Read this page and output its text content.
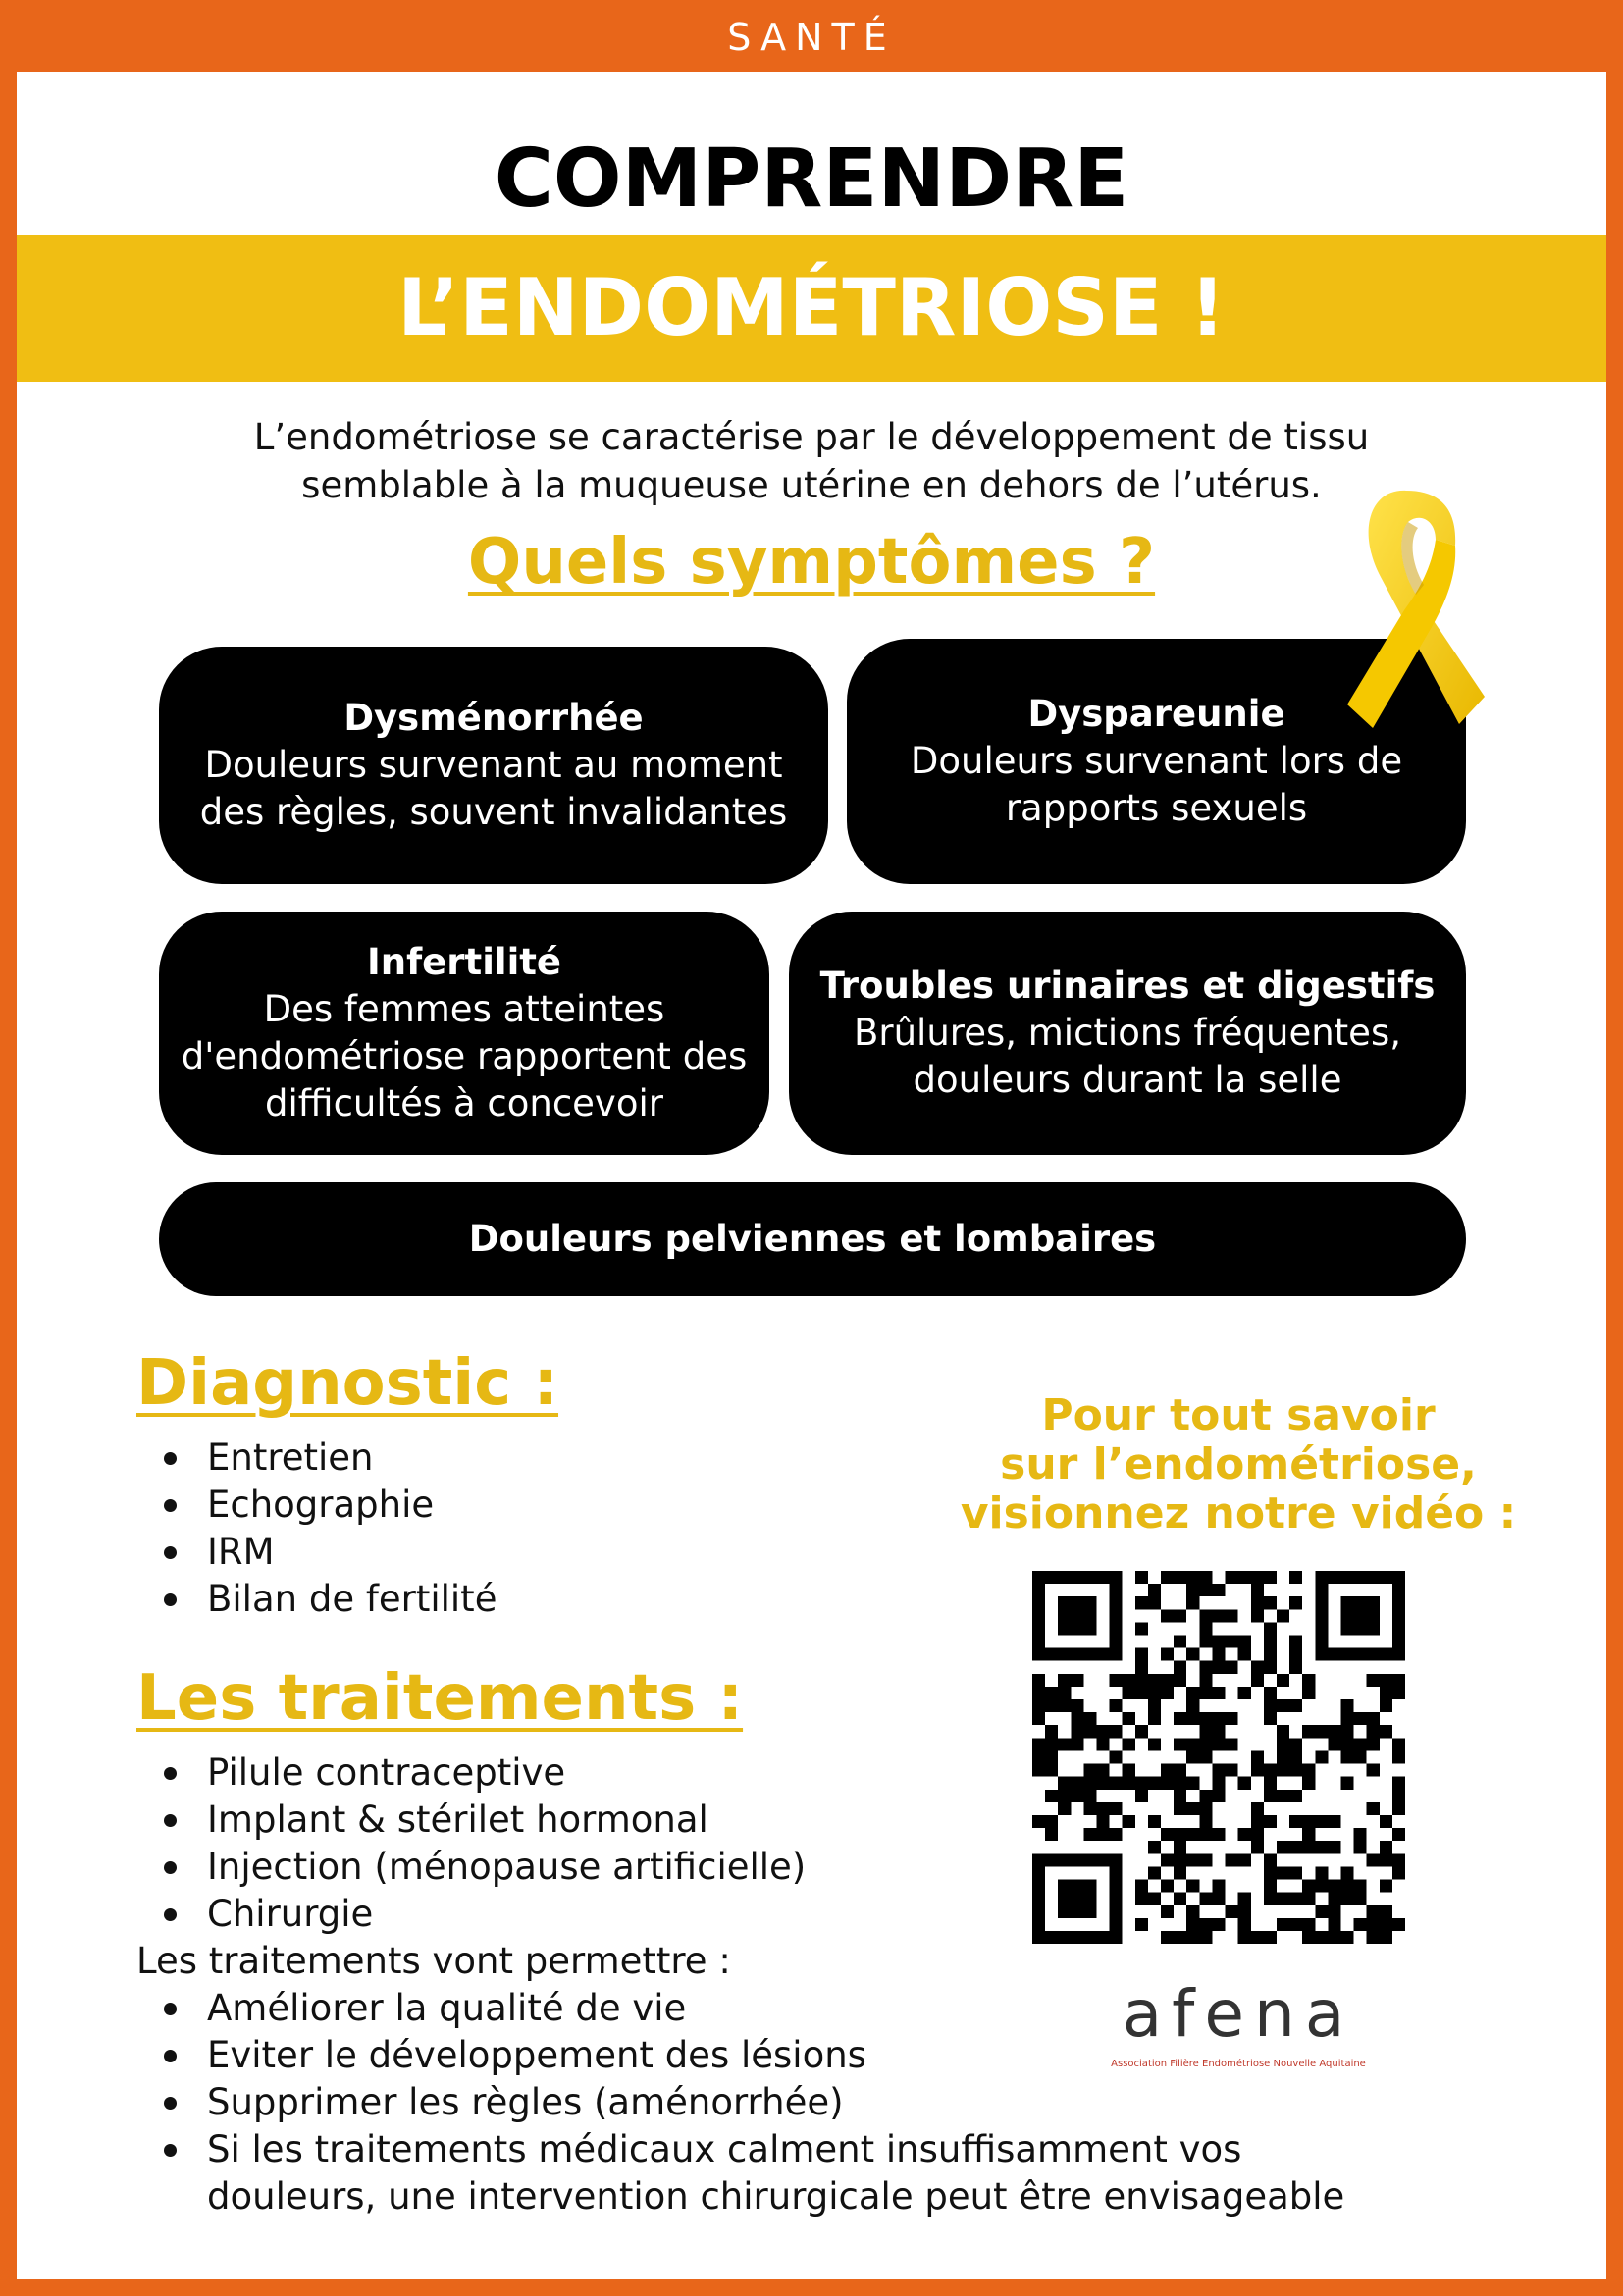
SANTÉ
COMPRENDRE
L’ENDOMÉTRIOSE !
L’endométriose se caractérise par le développement de tissu
semblable à la muqueuse utérine en dehors de l’utérus.
Quels symptômes ?
Dysménorrhée
Douleurs survenant au moment
des règles, souvent invalidantes
Dyspareunie
Douleurs survenant lors de
rapports sexuels
Infertilité
Des femmes atteintes
d'endométriose rapportent des
difficultés à concevoir
Troubles urinaires et digestifs
Brûlures, mictions fréquentes,
douleurs durant la selle
Douleurs pelviennes et lombaires
Diagnostic :
Entretien
Echographie
IRM
Bilan de fertilité
Les traitements :
Pilule contraceptive
Implant & stérilet hormonal
Injection (ménopause artificielle)
Chirurgie
Les traitements vont permettre :
Améliorer la qualité de vie
Eviter le développement des lésions
Supprimer les règles (aménorrhée)
Si les traitements médicaux calment insuffisamment vos
douleurs, une intervention chirurgicale peut être envisageable
Pour tout savoir
sur l’endométriose,
visionnez notre vidéo :
afena
Association Filière Endométriose Nouvelle Aquitaine
